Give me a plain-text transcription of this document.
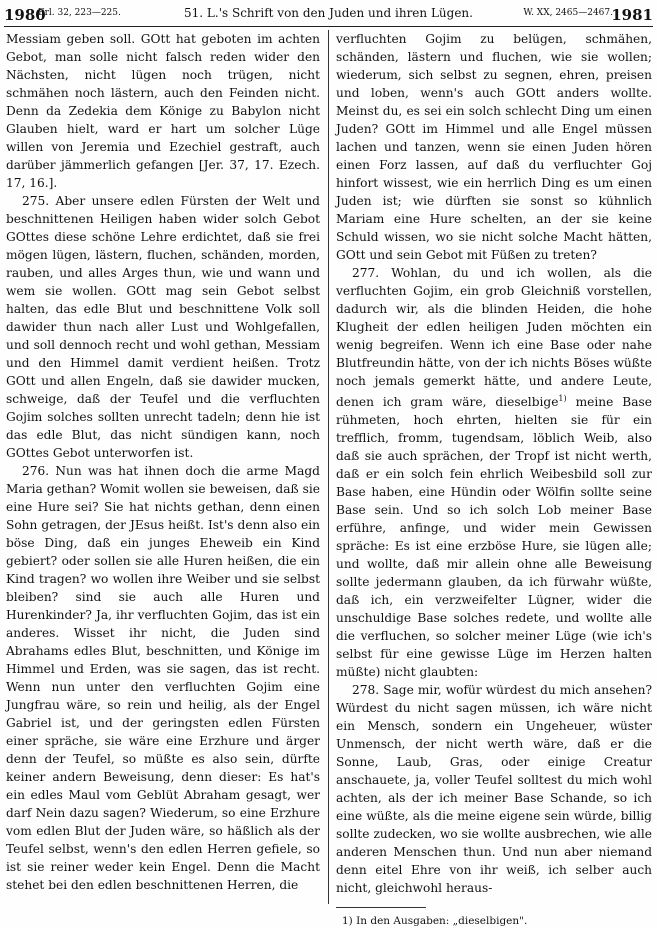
1980
Erl. 32, 223—225.	51. L.'s Schrift von den Juden und ihren Lügen.	W. XX, 2465—2467.
1981

Messiam geben soll. GOtt hat geboten im achten Gebot, man solle nicht falsch reden wider den Nächsten, nicht lügen noch trügen, nicht schmähen noch lästern, auch den Feinden nicht. Denn da Zedekia dem Könige zu Babylon nicht Glauben hielt, ward er hart um solcher Lüge willen von Jeremia und Ezechiel gestraft, auch darüber jämmerlich gefangen [Jer. 37, 17. Ezech. 17, 16.].

275. Aber unsere edlen Fürsten der Welt und beschnittenen Heiligen haben wider solch Gebot GOttes diese schöne Lehre erdichtet, daß sie frei mögen lügen, lästern, fluchen, schänden, morden, rauben, und alles Arges thun, wie und wann und wem sie wollen. GOtt mag sein Gebot selbst halten, das edle Blut und beschnittene Volk soll dawider thun nach aller Lust und Wohlgefallen, und soll dennoch recht und wohl gethan, Messiam und den Himmel damit verdient heißen. Trotz GOtt und allen Engeln, daß sie dawider mucken, schweige, daß der Teufel und die verfluchten Gojim solches sollten unrecht tadeln; denn hie ist das edle Blut, das nicht sündigen kann, noch GOttes Gebot unterworfen ist.

276. Nun was hat ihnen doch die arme Magd Maria gethan? Womit wollen sie beweisen, daß sie eine Hure sei? Sie hat nichts gethan, denn einen Sohn getragen, der JEsus heißt. Ist's denn also ein böse Ding, daß ein junges Eheweib ein Kind gebiert? oder sollen sie alle Huren heißen, die ein Kind tragen? wo wollen ihre Weiber und sie selbst bleiben? sind sie auch alle Huren und Hurenkinder? Ja, ihr verfluchten Gojim, das ist ein anderes. Wisset ihr nicht, die Juden sind Abrahams edles Blut, beschnitten, und Könige im Himmel und Erden, was sie sagen, das ist recht. Wenn nun unter den verfluchten Gojim eine Jungfrau wäre, so rein und heilig, als der Engel Gabriel ist, und der geringsten edlen Fürsten einer spräche, sie wäre eine Erzhure und ärger denn der Teufel, so müßte es also sein, dürfte keiner andern Beweisung, denn dieser: Es hat's ein edles Maul vom Geblüt Abraham gesagt, wer darf Nein dazu sagen? Wiederum, so eine Erzhure vom edlen Blut der Juden wäre, so häßlich als der Teufel selbst, wenn's den edlen Herren gefiele, so ist sie reiner weder kein Engel. Denn die Macht stehet bei den edlen beschnittenen Herren, die

verfluchten Gojim zu belügen, schmähen, schänden, lästern und fluchen, wie sie wollen; wiederum, sich selbst zu segnen, ehren, preisen und loben, wenn's auch GOtt anders wollte. Meinst du, es sei ein solch schlecht Ding um einen Juden? GOtt im Himmel und alle Engel müssen lachen und tanzen, wenn sie einen Juden hören einen Forz lassen, auf daß du verfluchter Goj hinfort wissest, wie ein herrlich Ding es um einen Juden ist; wie dürften sie sonst so kühnlich Mariam eine Hure schelten, an der sie keine Schuld wissen, wo sie nicht solche Macht hätten, GOtt und sein Gebot mit Füßen zu treten?

277. Wohlan, du und ich wollen, als die verfluchten Gojim, ein grob Gleichniß vorstellen, dadurch wir, als die blinden Heiden, die hohe Klugheit der edlen heiligen Juden möchten ein wenig begreifen. Wenn ich eine Base oder nahe Blutfreundin hätte, von der ich nichts Böses wüßte noch jemals gemerkt hätte, und andere Leute, denen ich gram wäre, dieselbige$^{1)}$ meine Base rühmeten, hoch ehrten, hielten sie für ein trefflich, fromm, tugendsam, löblich Weib, also daß sie auch sprächen, der Tropf ist nicht werth, daß er ein solch fein ehrlich Weibesbild soll zur Base haben, eine Hündin oder Wölfin sollte seine Base sein. Und so ich solch Lob meiner Base erführe, anfinge, und wider mein Gewissen spräche: Es ist eine erzböse Hure, sie lügen alle; und wollte, daß mir allein ohne alle Beweisung sollte jedermann glauben, da ich fürwahr wüßte, daß ich, ein verzweifelter Lügner, wider die unschuldige Base solches redete, und wollte alle die verfluchen, so solcher meiner Lüge (wie ich's selbst für eine gewisse Lüge im Herzen halten müßte) nicht glaubten:

278. Sage mir, wofür würdest du mich ansehen? Würdest du nicht sagen müssen, ich wäre nicht ein Mensch, sondern ein Ungeheuer, wüster Unmensch, der nicht werth wäre, daß er die Sonne, Laub, Gras, oder einige Creatur anschauete, ja, voller Teufel solltest du mich wohl achten, als der ich meiner Base Schande, so ich eine wüßte, als die meine eigene sein würde, billig sollte zudecken, wo sie wollte ausbrechen, wie alle anderen Menschen thun. Und nun aber niemand denn eitel Ehre von ihr weiß, ich selber auch nicht, gleichwohl heraus-

1) In den Ausgaben: „dieselbigen".
